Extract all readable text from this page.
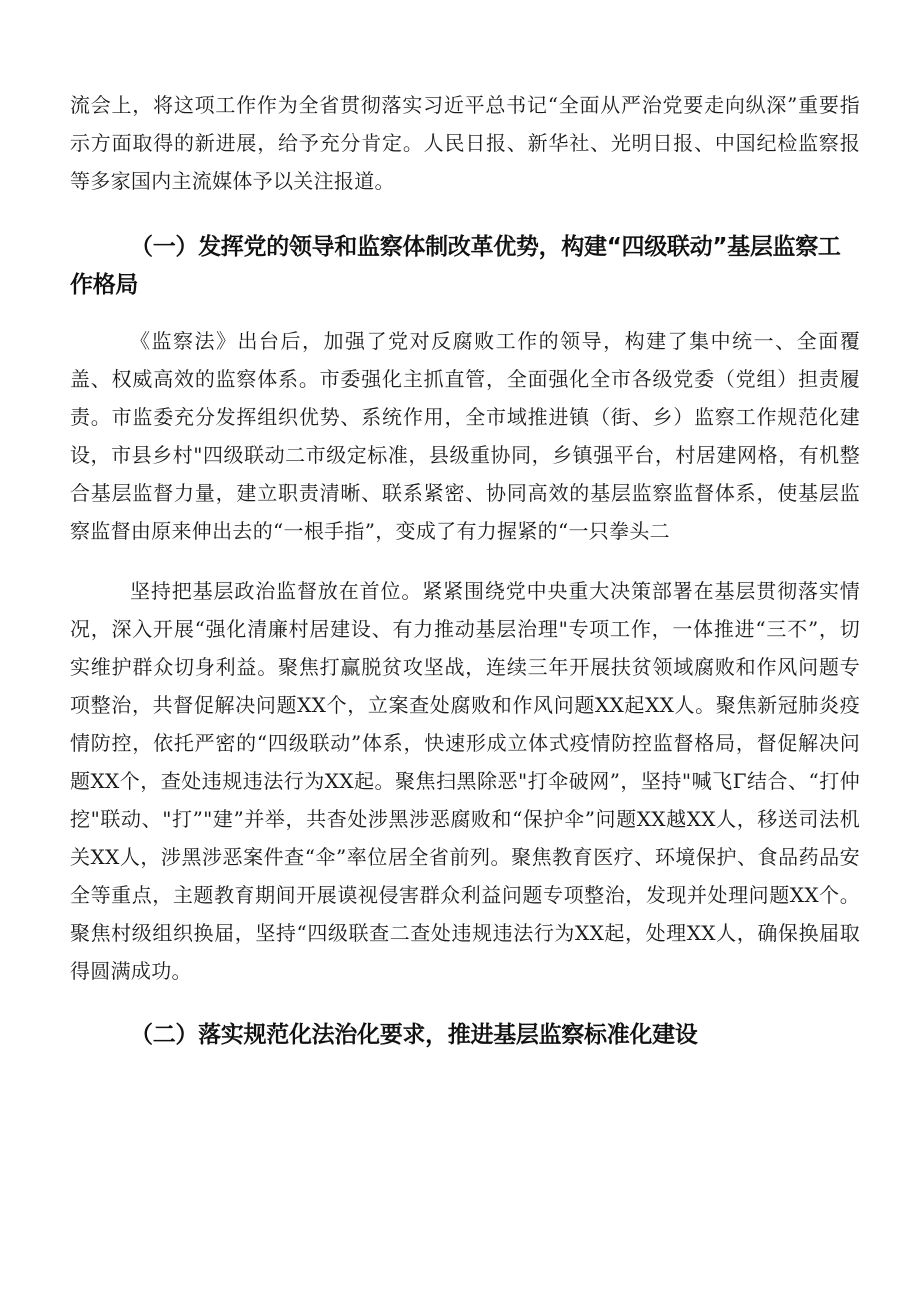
流会上，将这项工作作为全省贯彻落实习近平总书记“全面从严治党要走向纵深”重要指示方面取得的新进展，给予充分肯定。人民日报、新华社、光明日报、中国纪检监察报等多家国内主流媒体予以关注报道。

（一）发挥党的领导和监察体制改革优势，构建“四级联动”基层监察工作格局

《监察法》出台后，加强了党对反腐败工作的领导，构建了集中统一、全面覆盖、权威高效的监察体系。市委强化主抓直管，全面强化全市各级党委（党组）担责履责。市监委充分发挥组织优势、系统作用，全市域推进镇（街、乡）监察工作规范化建设，市县乡村"四级联动二市级定标准，县级重协同，乡镇强平台，村居建网格，有机整合基层监督力量，建立职责清晰、联系紧密、协同高效的基层监察监督体系，使基层监察监督由原来伸出去的“一根手指”，变成了有力握紧的“一只拳头二

坚持把基层政治监督放在首位。紧紧围绕党中央重大决策部署在基层贯彻落实情况，深入开展“强化清廉村居建设、有力推动基层治理"专项工作，一体推进“三不”，切实维护群众切身利益。聚焦打赢脱贫攻坚战，连续三年开展扶贫领域腐败和作风问题专项整治，共督促解决问题XX个，立案查处腐败和作风问题XX起XX人。聚焦新冠肺炎疫情防控，依托严密的“四级联动”体系，快速形成立体式疫情防控监督格局，督促解决问题XX个，查处违规违法行为XX起。聚焦扫黑除恶"打伞破网”，坚持"喊飞Γ结合、“打仲挖"联动、"打”"建”并举，共杳处涉黑涉恶腐败和“保护伞”问题XX越XX人，移送司法机关XX人，涉黑涉恶案件查“伞”率位居全省前列。聚焦教育医疗、环境保护、食品药品安全等重点，主题教育期间开展谟视侵害群众利益问题专项整治，发现并处理问题XX个。聚焦村级组织换届，坚持“四级联查二查处违规违法行为XX起，处理XX人，确保换届取得圆满成功。

（二）落实规范化法治化要求，推进基层监察标准化建设
